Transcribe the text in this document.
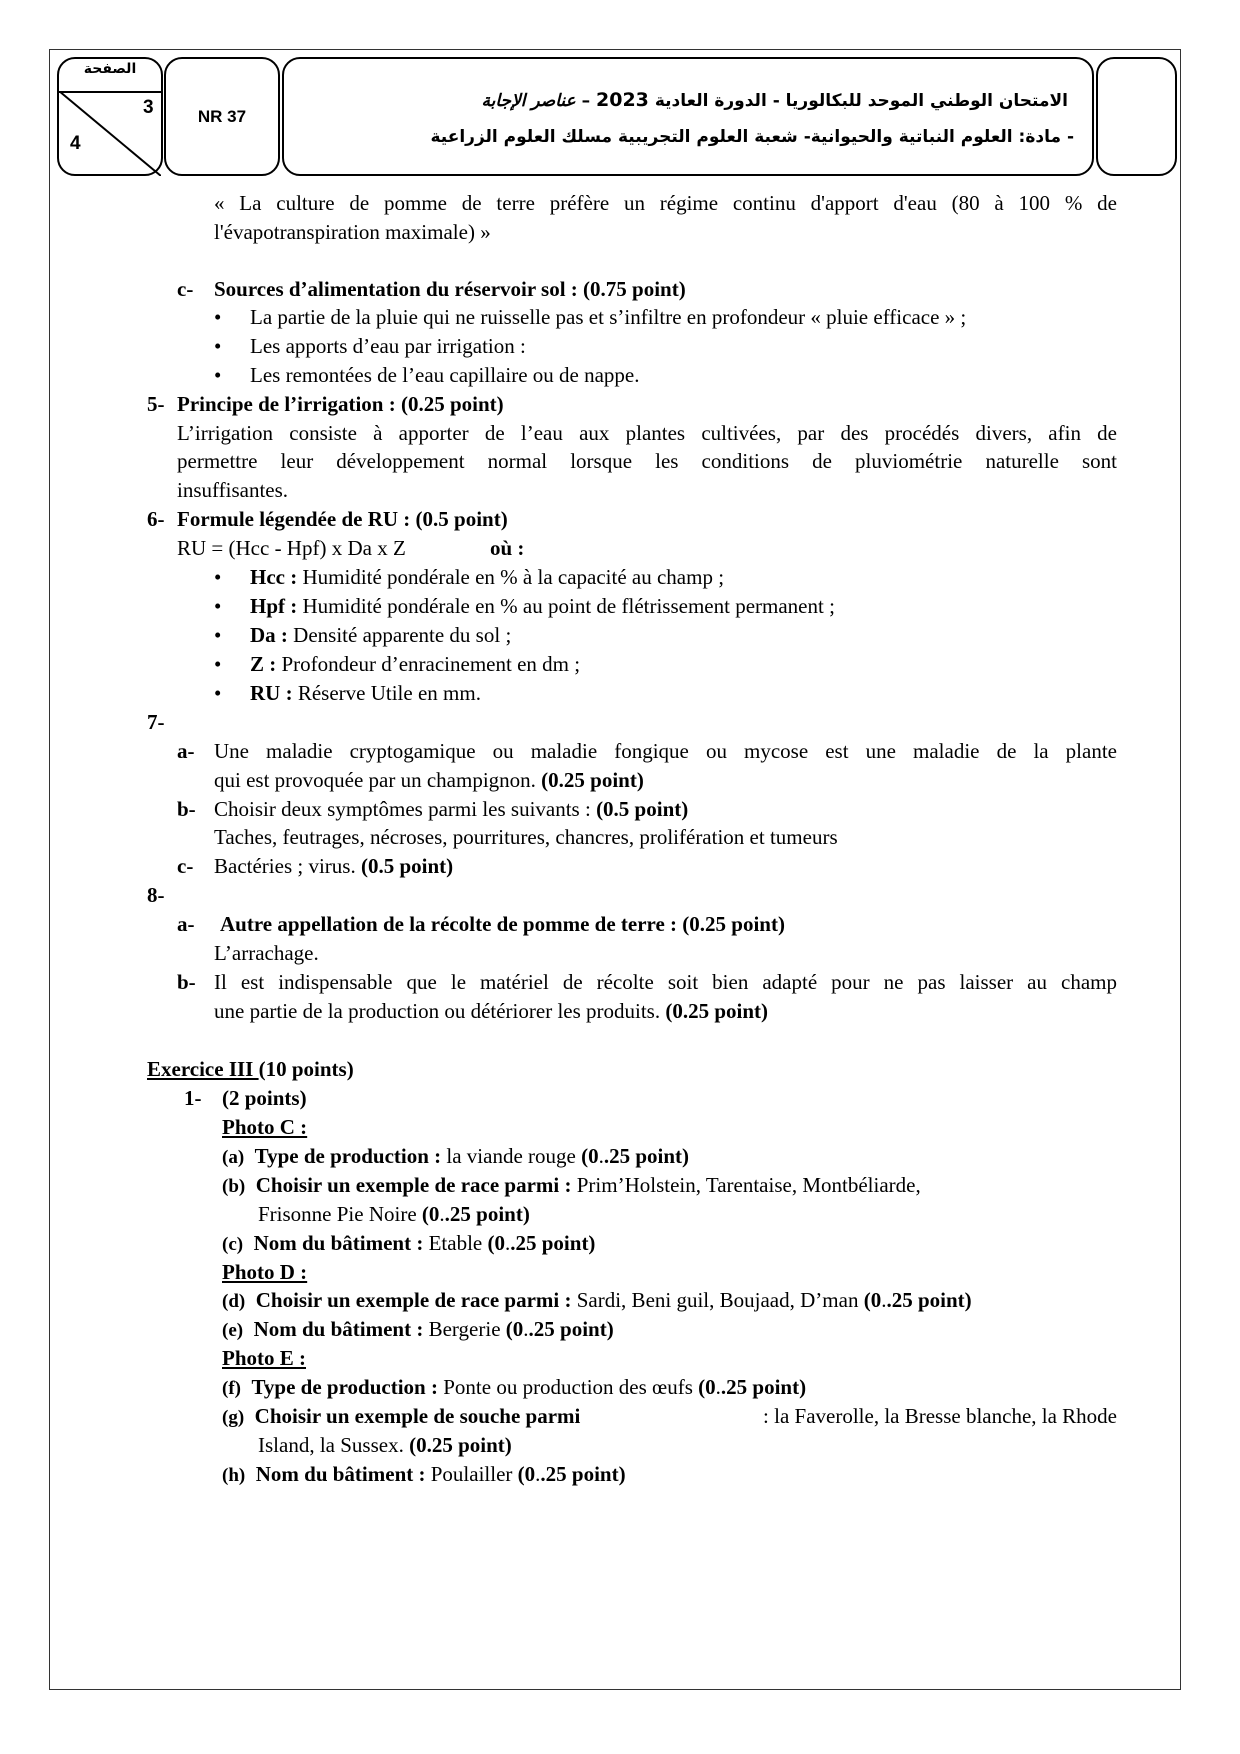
الصفحة
3
4
NR 37
الامتحان الوطني الموحد للبكالوريا - الدورة العادية 2023 – عناصر الإجابة
- مادة: العلوم النباتية والحيوانية- شعبة العلوم التجريبية مسلك العلوم الزراعية
« La culture de pomme de terre préfère un régime continu d'apport d'eau (80 à 100 % de
l'évapotranspiration maximale) »
c- Sources d’alimentation du réservoir sol : (0.75 point)
• La partie de la pluie qui ne ruisselle pas et s’infiltre en profondeur « pluie efficace » ;
• Les apports d’eau par irrigation :
• Les remontées de l’eau capillaire ou de nappe.
5- Principe de l’irrigation : (0.25 point)
L’irrigation consiste à apporter de l’eau aux plantes cultivées, par des procédés divers, afin de
permettre leur développement normal lorsque les conditions de pluviométrie naturelle sont
insuffisantes.
6- Formule légendée de RU : (0.5 point)
RU = (Hcc - Hpf) x Da x Z	où :
• Hcc : Humidité pondérale en % à la capacité au champ ;
• Hpf : Humidité pondérale en % au point de flétrissement permanent ;
• Da : Densité apparente du sol ;
• Z : Profondeur d’enracinement en dm ;
• RU : Réserve Utile en mm.
7-
a- Une maladie cryptogamique ou maladie fongique ou mycose est une maladie de la plante
qui est provoquée par un champignon. (0.25 point)
b- Choisir deux symptômes parmi les suivants : (0.5 point)
Taches, feutrages, nécroses, pourritures, chancres, prolifération et tumeurs
c- Bactéries ; virus. (0.5 point)
8-
a- Autre appellation de la récolte de pomme de terre : (0.25 point)
L’arrachage.
b- Il est indispensable que le matériel de récolte soit bien adapté pour ne pas laisser au champ
une partie de la production ou détériorer les produits. (0.25 point)
Exercice III (10 points)
1- (2 points)
Photo C :
(a) Type de production : la viande rouge (0..25 point)
(b) Choisir un exemple de race parmi : Prim’Holstein, Tarentaise, Montbéliarde,
Frisonne Pie Noire (0..25 point)
(c) Nom du bâtiment : Etable (0..25 point)
Photo D :
(d) Choisir un exemple de race parmi : Sardi, Beni guil, Boujaad, D’man (0..25 point)
(e) Nom du bâtiment : Bergerie (0..25 point)
Photo E :
(f) Type de production : Ponte ou production des œufs (0..25 point)
(g) Choisir un exemple de souche parmi	: la Faverolle, la Bresse blanche, la Rhode
Island, la Sussex. (0.25 point)
(h) Nom du bâtiment : Poulailler (0..25 point)
